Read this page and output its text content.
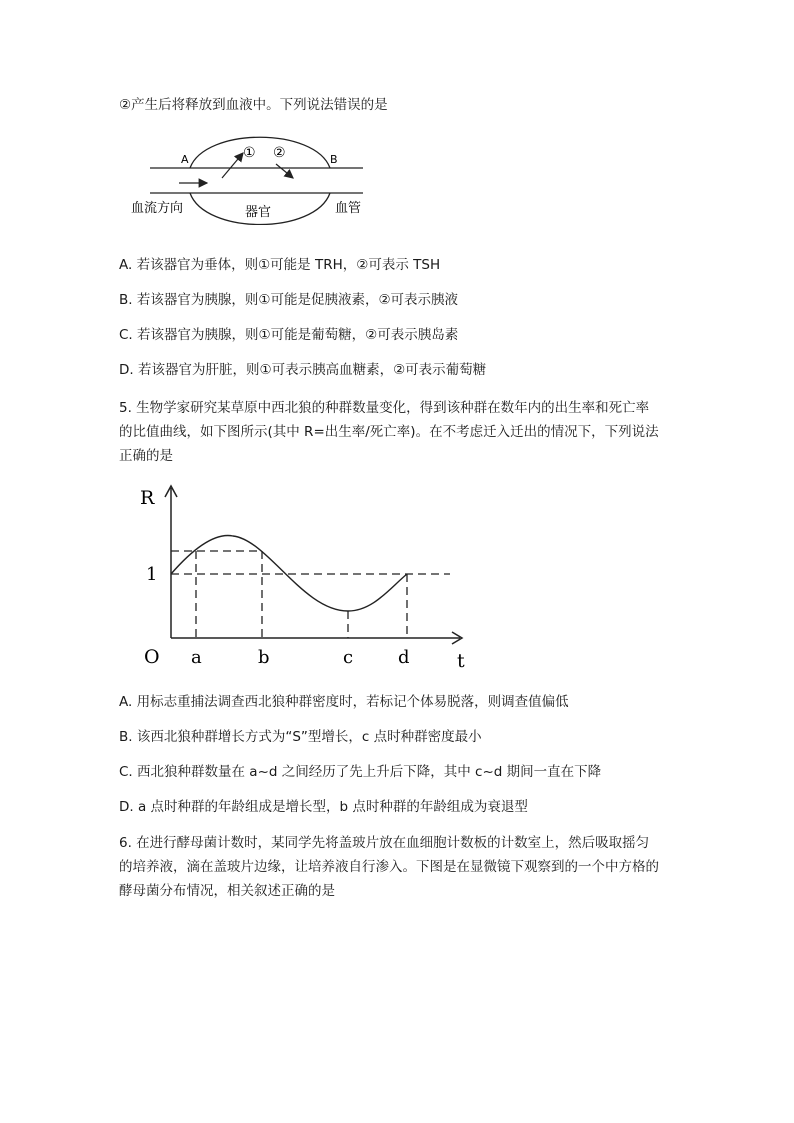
②产生后将释放到血液中。下列说法错误的是
A	B
① ②
血流方向	器官	血管
A. 若该器官为垂体，则①可能是 TRH，②可表示 TSH
B. 若该器官为胰腺，则①可能是促胰液素，②可表示胰液
C. 若该器官为胰腺，则①可能是葡萄糖，②可表示胰岛素
D. 若该器官为肝脏，则①可表示胰高血糖素，②可表示葡萄糖
5. 生物学家研究某草原中西北狼的种群数量变化，得到该种群在数年内的出生率和死亡率
的比值曲线，如下图所示(其中 R=出生率/死亡率)。在不考虑迁入迁出的情况下，下列说法
正确的是
R
1
O a	b	c d t
A. 用标志重捕法调查西北狼种群密度时，若标记个体易脱落，则调查值偏低
B. 该西北狼种群增长方式为“S”型增长，c 点时种群密度最小
C. 西北狼种群数量在 a~d 之间经历了先上升后下降，其中 c~d 期间一直在下降
D. a 点时种群的年龄组成是增长型，b 点时种群的年龄组成为衰退型
6. 在进行酵母菌计数时，某同学先将盖玻片放在血细胞计数板的计数室上，然后吸取摇匀
的培养液，滴在盖玻片边缘，让培养液自行渗入。下图是在显微镜下观察到的一个中方格的
酵母菌分布情况，相关叙述正确的是
